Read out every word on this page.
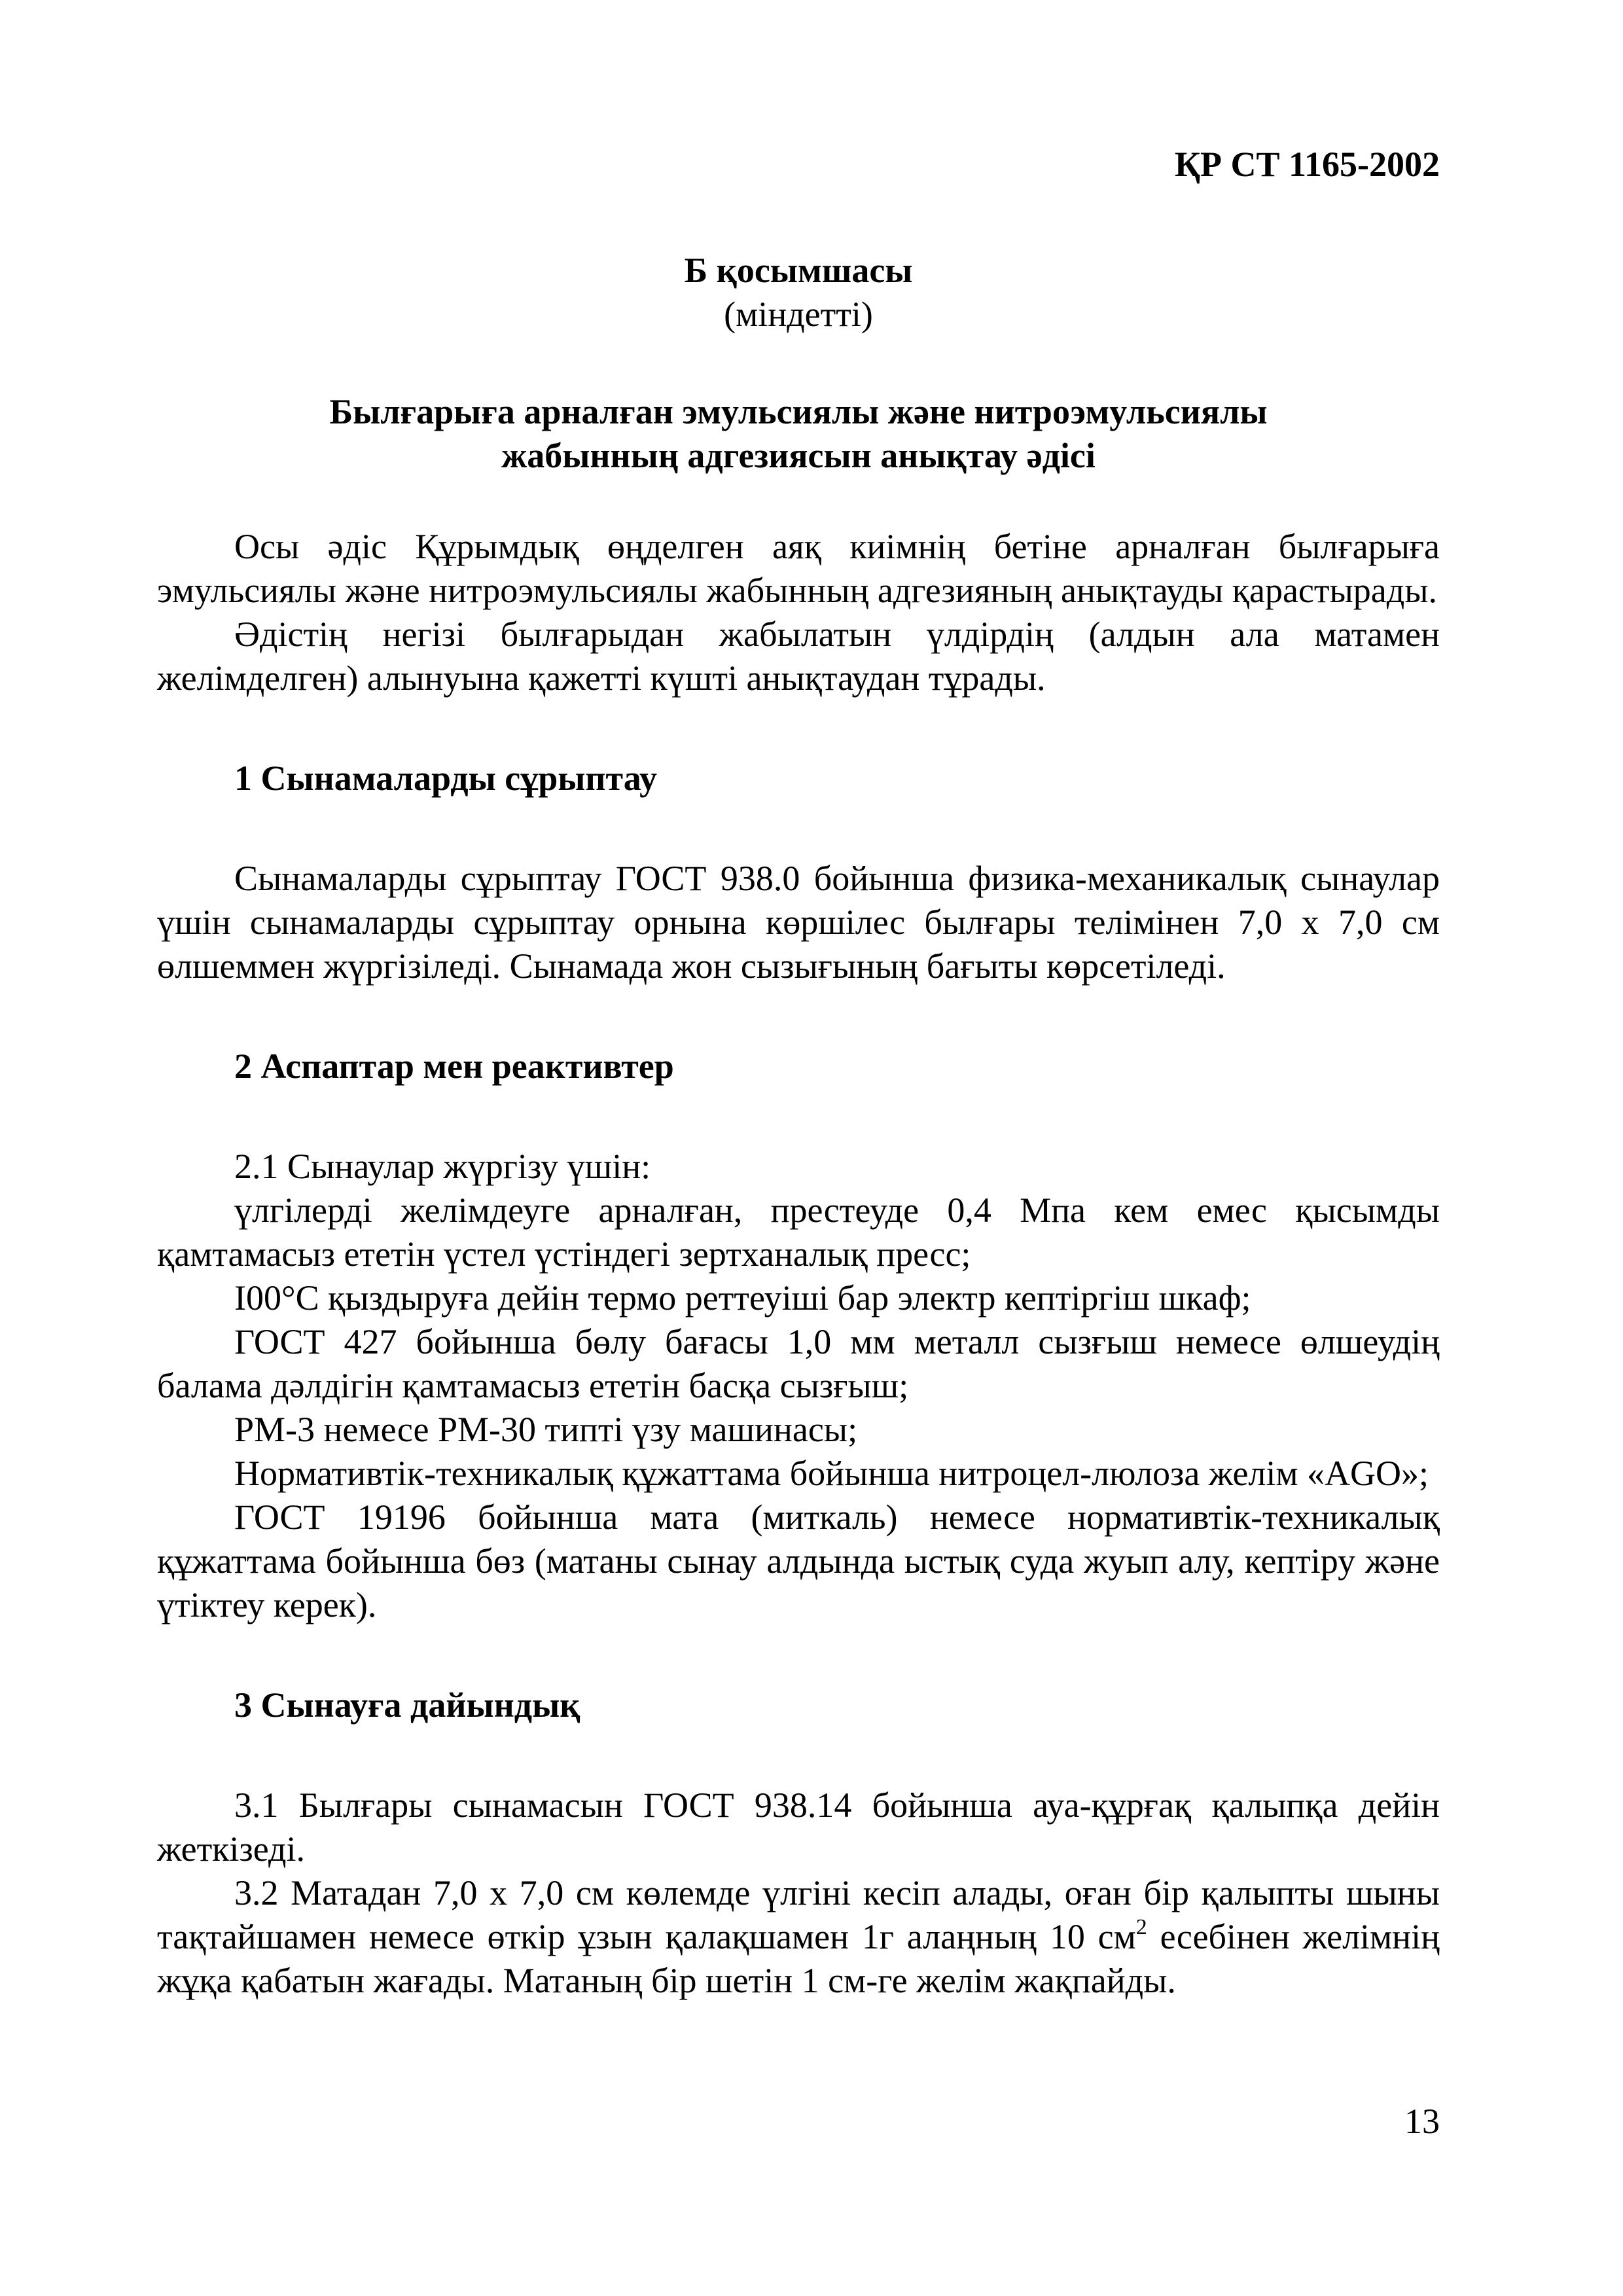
ҚР СТ 1165-2002
Б қосымшасы
(міндетті)
Былғарыға арналған эмульсиялы және нитроэмульсиялы
жабынның адгезиясын анықтау әдісі

Осы әдіс Құрымдық өңделген аяқ киімнің бетіне арналған былғарыға эмульсиялы және нитроэмульсиялы жабынның адгезияның анықтауды қарастырады.

Әдістің негізі былғарыдан жабылатын үлдірдің (алдын ала матамен желімделген) алынуына қажетті күшті анықтаудан тұрады.

1 Сынамаларды сұрыптау

Сынамаларды сұрыптау ГОСТ 938.0 бойынша физика-механикалық сынаулар үшін сынамаларды сұрыптау орнына көршілес былғары телімінен 7,0 х 7,0 см өлшеммен жүргізіледі. Сынамада жон сызығының бағыты көрсетіледі.

2 Аспаптар мен реактивтер

2.1 Сынаулар жүргізу үшін:

үлгілерді желімдеуге арналған, престеуде 0,4 Мпа кем емес қысымды қамтамасыз ететін үстел үстіндегі зертханалық пресс;

I00°С қыздыруға дейін термо реттеуіші бар электр кептіргіш шкаф;

ГОСТ 427 бойынша бөлу бағасы 1,0 мм металл сызғыш немесе өлшеудің балама дәлдігін қамтамасыз ететін басқа сызғыш;

РМ-3 немесе РМ-30 типті үзу машинасы;

Нормативтік-техникалық құжаттама бойынша нитроцел-люлоза желім «AGO»;

ГОСТ 19196 бойынша мата (миткаль) немесе нормативтік-техникалық құжаттама бойынша бөз (матаны сынау алдында ыстық суда жуып алу, кептіру және үтіктеу керек).

3 Сынауға дайындық

3.1 Былғары сынамасын ГОСТ 938.14 бойынша ауа-құрғақ қалыпқа дейін жеткізеді.

3.2 Матадан 7,0 х 7,0 см көлемде үлгіні кесіп алады, оған бір қалыпты шыны тақтайшамен немесе өткір ұзын қалақшамен 1г алаңның 10 $см^2$ есебінен желімнің жұқа қабатын жағады. Матаның бір шетін 1 см-ге желім жақпайды.

13
